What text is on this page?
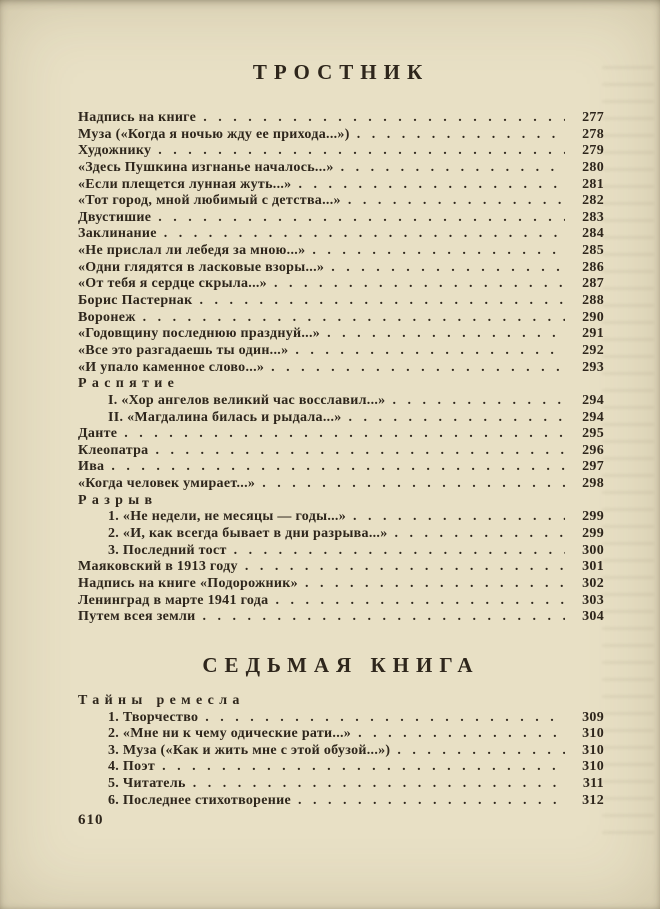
ТРОСТНИК
Надпись на книге . . .	277
Муза («Когда я ночью жду ее прихода...») . . .	278
Художнику . . .	279
«Здесь Пушкина изгнанье началось...» . . .	280
«Если плещется лунная жуть...» . . .	281
«Тот город, мной любимый с детства...» . . .	282
Двустишие . . .	283
Заклинание . . .	284
«Не прислал ли лебедя за мною...» . . .	285
«Одни глядятся в ласковые взоры...» . . .	286
«От тебя я сердце скрыла...» . . .	287
Борис Пастернак . . .	288
Воронеж . . .	290
«Годовщину последнюю празднуй...» . . .	291
«Все это разгадаешь ты один...» . . .	292
«И упало каменное слово...» . . .	293
Распятие
I. «Хор ангелов великий час восславил...» . . .	294
II. «Магдалина билась и рыдала...» . . .	294
Данте . . .	295
Клеопатра . . .	296
Ива . . .	297
«Когда человек умирает...» . . .	298
Разрыв
1. «Не недели, не месяцы — годы...» . . .	299
2. «И, как всегда бывает в дни разрыва...» . . .	299
3. Последний тост . . .	300
Маяковский в 1913 году . . .	301
Надпись на книге «Подорожник» . . .	302
Ленинград в марте 1941 года . . .	303
Путем всея земли . . .	304
СЕДЬМАЯ КНИГА
Тайны ремесла
1. Творчество . . .	309
2. «Мне ни к чему одические рати...» . . .	310
3. Муза («Как и жить мне с этой обузой...») . . .	310
4. Поэт . . .	310
5. Читатель . . .	311
6. Последнее стихотворение . . .	312
610
